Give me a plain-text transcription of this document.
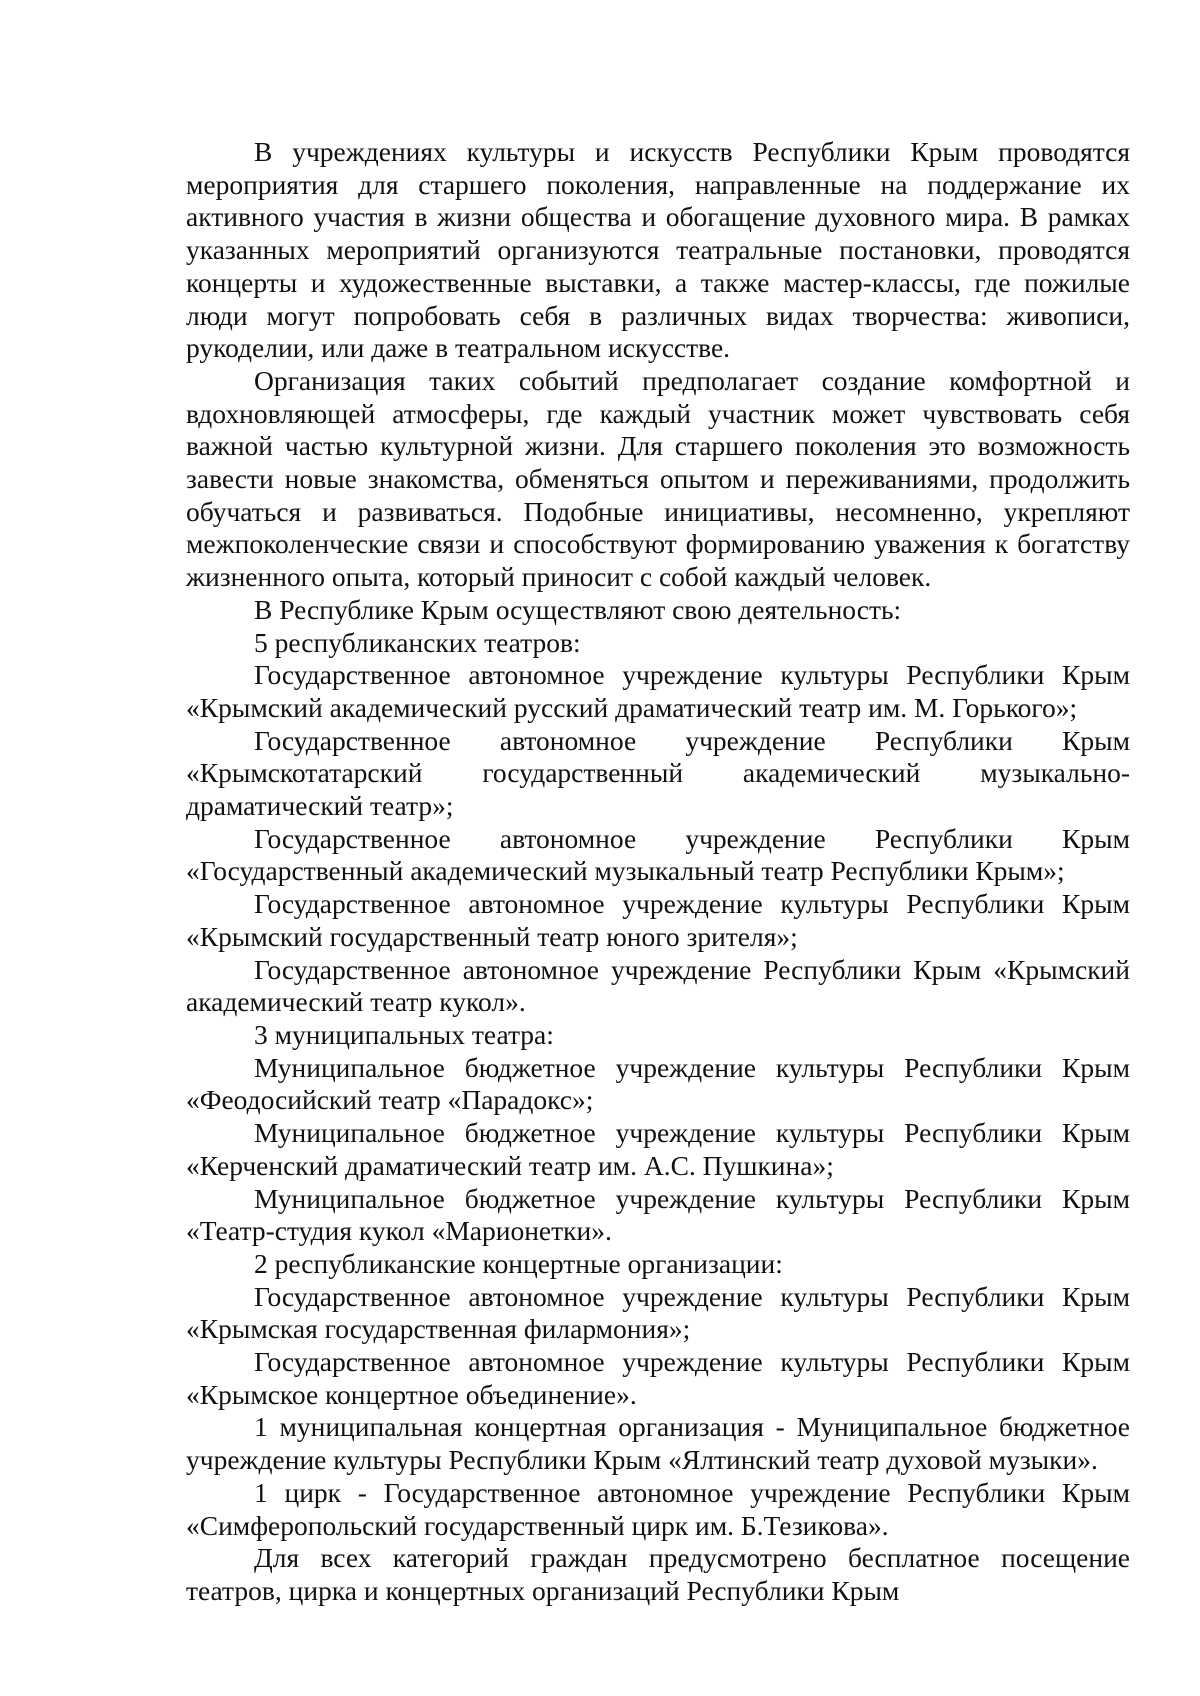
В учреждениях культуры и искусств Республики Крым проводятся мероприятия для старшего поколения, направленные на поддержание их активного участия в жизни общества и обогащение духовного мира. В рамках указанных мероприятий организуются театральные постановки, проводятся концерты и художественные выставки, а также мастер-классы, где пожилые люди могут попробовать себя в различных видах творчества: живописи, рукоделии, или даже в театральном искусстве.

Организация таких событий предполагает создание комфортной и вдохновляющей атмосферы, где каждый участник может чувствовать себя важной частью культурной жизни. Для старшего поколения это возможность завести новые знакомства, обменяться опытом и переживаниями, продолжить обучаться и развиваться. Подобные инициативы, несомненно, укрепляют межпоколенческие связи и способствуют формированию уважения к богатству жизненного опыта, который приносит с собой каждый человек.

В Республике Крым осуществляют свою деятельность:

5 республиканских театров:

Государственное автономное учреждение культуры Республики Крым «Крымский академический русский драматический театр им. М. Горького»;

Государственное автономное учреждение Республики Крым «Крымскотатарский государственный академический музыкально-драматический театр»;

Государственное автономное учреждение Республики Крым «Государственный академический музыкальный театр Республики Крым»;

Государственное автономное учреждение культуры Республики Крым «Крымский государственный театр юного зрителя»;

Государственное автономное учреждение Республики Крым «Крымский академический театр кукол».

3 муниципальных театра:

Муниципальное бюджетное учреждение культуры Республики Крым «Феодосийский театр «Парадокс»;

Муниципальное бюджетное учреждение культуры Республики Крым «Керченский драматический театр им. А.С. Пушкина»;

Муниципальное бюджетное учреждение культуры Республики Крым «Театр-студия кукол «Марионетки».

2 республиканские концертные организации:

Государственное автономное учреждение культуры Республики Крым «Крымская государственная филармония»;

Государственное автономное учреждение культуры Республики Крым «Крымское концертное объединение».

1 муниципальная концертная организация - Муниципальное бюджетное учреждение культуры Республики Крым «Ялтинский театр духовой музыки».

1 цирк - Государственное автономное учреждение Республики Крым «Симферопольский государственный цирк им. Б.Тезикова».

Для всех категорий граждан предусмотрено бесплатное посещение театров, цирка и концертных организаций Республики Крым
